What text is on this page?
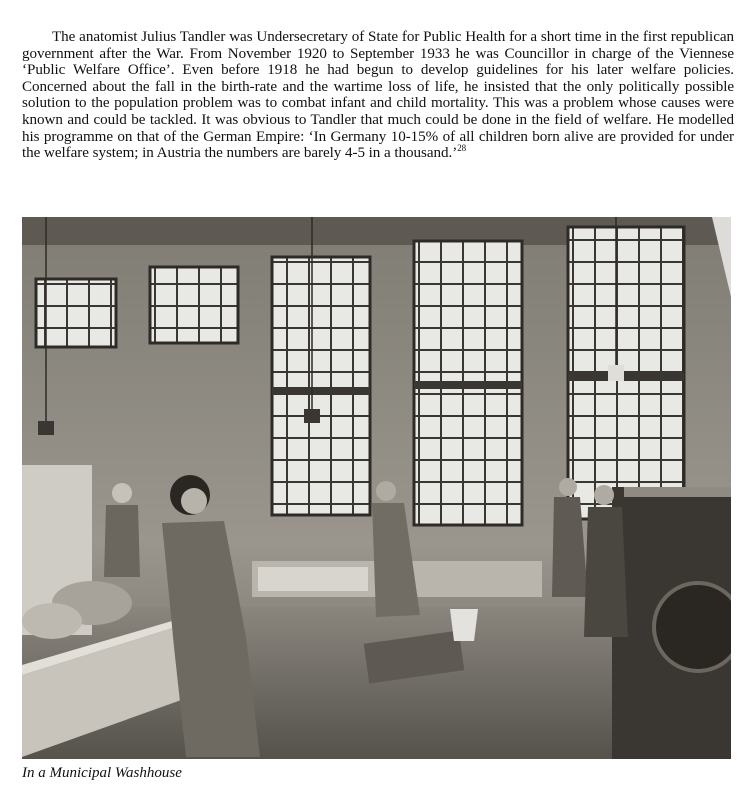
The anatomist Julius Tandler was Undersecretary of State for Public Health for a short time in the first republican government after the War. From November 1920 to September 1933 he was Councillor in charge of the Viennese ‘Public Welfare Office’. Even before 1918 he had begun to develop guidelines for his later welfare policies. Concerned about the fall in the birth-rate and the wartime loss of life, he insisted that the only politically possible solution to the population problem was to combat infant and child mortality. This was a problem whose causes were known and could be tackled. It was obvious to Tandler that much could be done in the field of welfare. He modelled his programme on that of the German Empire: ‘In Germany 10-15% of all children born alive are provided for under the welfare system; in Austria the numbers are barely 4-5 in a thousand.’$^{28}$

In a Municipal Washhouse
